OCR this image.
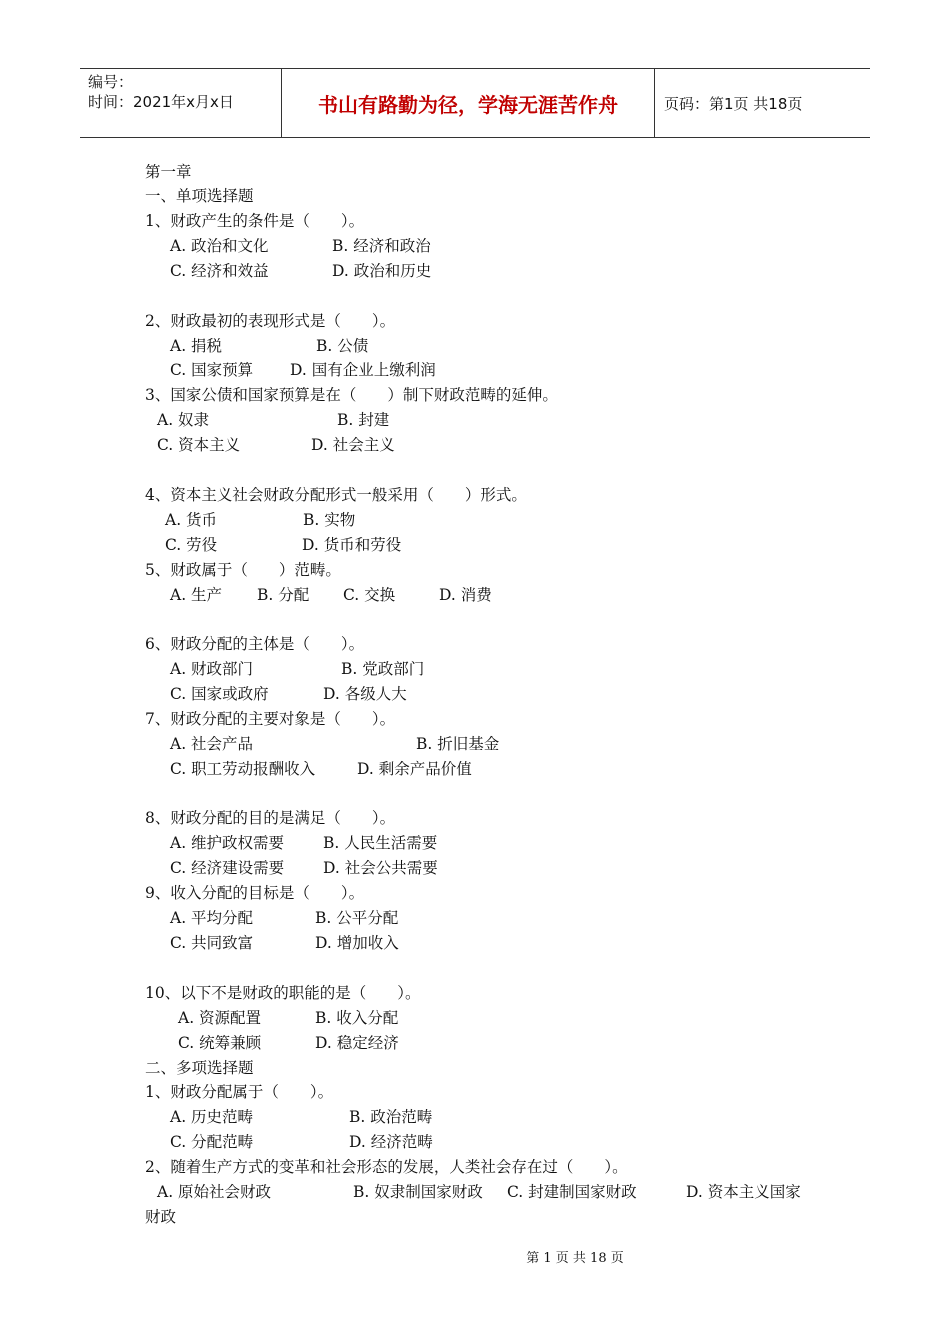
编号：
时间：2021年x月x日	书山有路勤为径，学海无涯苦作舟	页码：第1页 共18页
第一章
一、单项选择题
1、财政产生的条件是（　　）。
A. 政治和文化	B. 经济和政治
C. 经济和效益	D. 政治和历史
2、财政最初的表现形式是（　　）。
A. 捐税	B. 公债
C. 国家预算 D. 国有企业上缴利润
3、国家公债和国家预算是在（　　）制下财政范畴的延伸。
A. 奴隶	B. 封建
C. 资本主义	D. 社会主义
4、资本主义社会财政分配形式一般采用（　　）形式。
A. 货币	B. 实物
C. 劳役	D. 货币和劳役
5、财政属于（　　）范畴。
A. 生产 B. 分配 C. 交换	D. 消费
6、财政分配的主体是（　　）。
A. 财政部门	B. 党政部门
C. 国家或政府	D. 各级人大
7、财政分配的主要对象是（　　）。
A. 社会产品	B. 折旧基金
C. 职工劳动报酬收入	D. 剩余产品价值
8、财政分配的目的是满足（　　）。
A. 维护政权需要	B. 人民生活需要
C. 经济建设需要	D. 社会公共需要
9、收入分配的目标是（　　）。
A. 平均分配	B. 公平分配
C. 共同致富	D. 增加收入
10、以下不是财政的职能的是（　　）。
A. 资源配置	B. 收入分配
C. 统筹兼顾	D. 稳定经济
二、多项选择题
1、财政分配属于（　　）。
A. 历史范畴	B. 政治范畴
C. 分配范畴	D. 经济范畴
2、随着生产方式的变革和社会形态的发展，人类社会存在过（　　）。
A. 原始社会财政	B. 奴隶制国家财政 C. 封建制国家财政	D. 资本主义国家
财政
第 1 页 共 18 页
